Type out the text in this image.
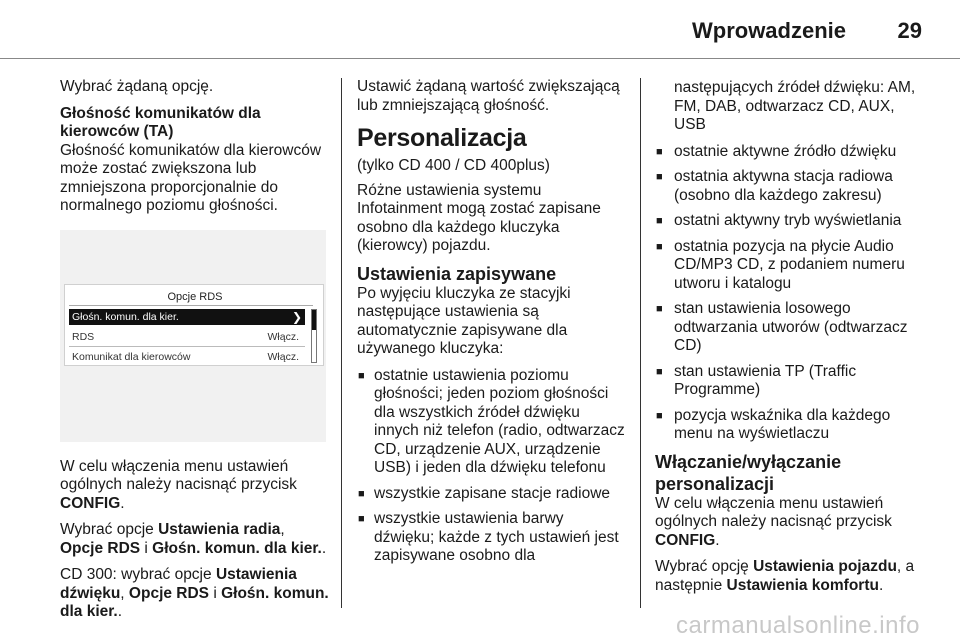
Wprowadzenie 29

Wybrać żądaną opcję.

Głośność komunikatów dla kierowców (TA)

Głośność komunikatów dla kierowców może zostać zwiększona lub zmniejszona proporcjonalnie do normalnego poziomu głośności.

Opcje RDS
Głośn. komun. dla kier.	❯
RDS	Włącz.
Komunikat dla kierowców	Włącz.

W celu włączenia menu ustawień ogólnych należy nacisnąć przycisk CONFIG.

Wybrać opcje Ustawienia radia, Opcje RDS i Głośn. komun. dla kier..

CD 300: wybrać opcje Ustawienia dźwięku, Opcje RDS i Głośn. komun. dla kier..

Ustawić żądaną wartość zwiększającą lub zmniejszającą głośność.

Personalizacja

(tylko CD 400 / CD 400plus)

Różne ustawienia systemu Infotainment mogą zostać zapisane osobno dla każdego kluczyka (kierowcy) pojazdu.

Ustawienia zapisywane

Po wyjęciu kluczyka ze stacyjki następujące ustawienia są automatycznie zapisywane dla używanego kluczyka:

■ ostatnie ustawienia poziomu głośności; jeden poziom głośności dla wszystkich źródeł dźwięku innych niż telefon (radio, odtwarzacz CD, urządzenie AUX, urządzenie USB) i jeden dla dźwięku telefonu
■ wszystkie zapisane stacje radiowe
■ wszystkie ustawienia barwy dźwięku; każde z tych ustawień jest zapisywane osobno dla

następujących źródeł dźwięku: AM, FM, DAB, odtwarzacz CD, AUX, USB

■ ostatnie aktywne źródło dźwięku
■ ostatnia aktywna stacja radiowa (osobno dla każdego zakresu)
■ ostatni aktywny tryb wyświetlania
■ ostatnia pozycja na płycie Audio CD/MP3 CD, z podaniem numeru utworu i katalogu
■ stan ustawienia losowego odtwarzania utworów (odtwarzacz CD)
■ stan ustawienia TP (Traffic Programme)
■ pozycja wskaźnika dla każdego menu na wyświetlaczu

Włączanie/wyłączanie personalizacji

W celu włączenia menu ustawień ogólnych należy nacisnąć przycisk CONFIG.

Wybrać opcję Ustawienia pojazdu, a następnie Ustawienia komfortu.

carmanualsonline.info
